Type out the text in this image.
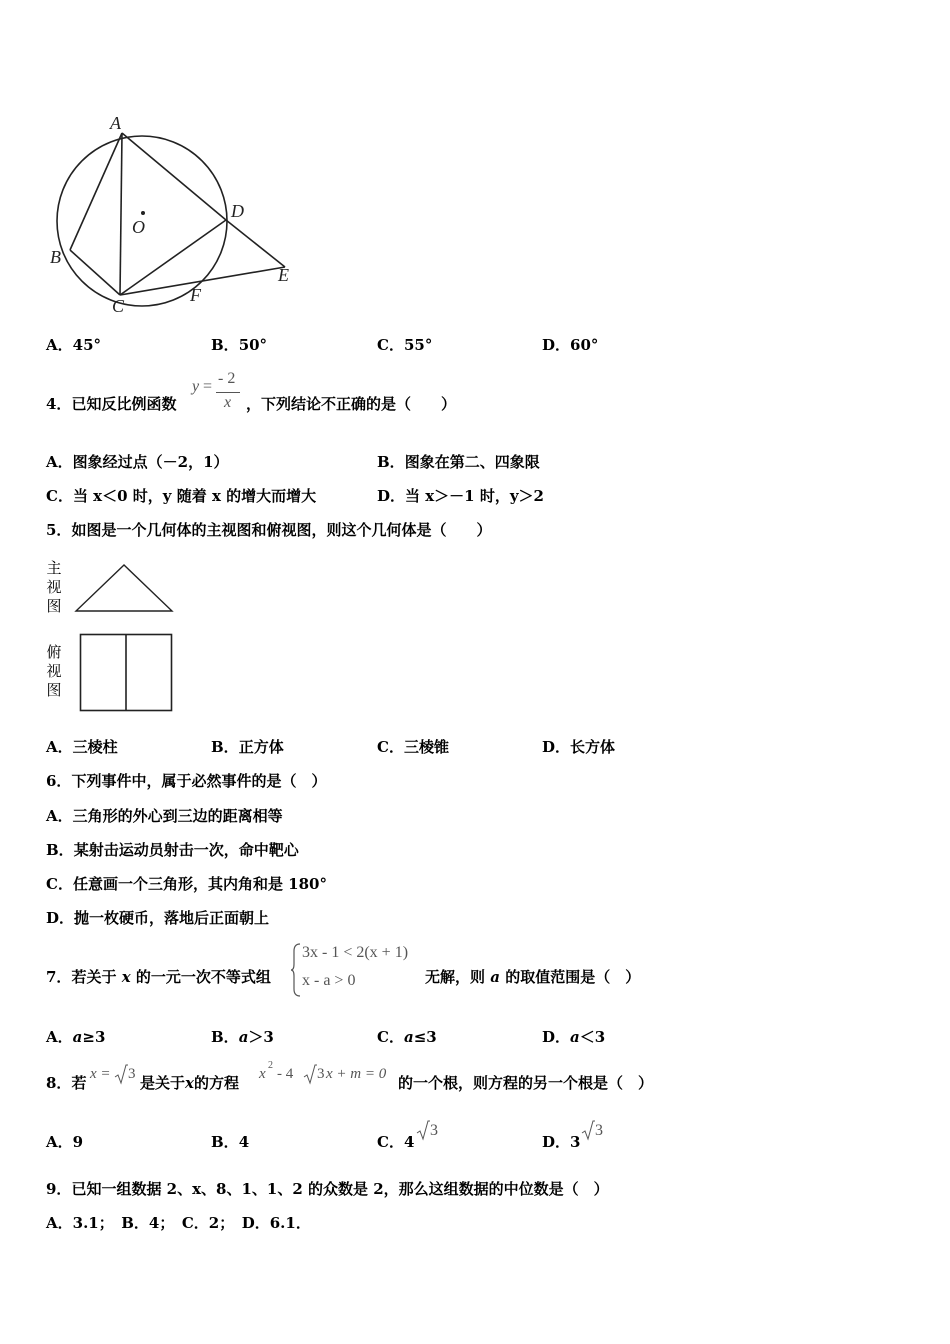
A
B
C
D
E
F
O
A．45°	B．50°	C．55°	D．60°
4．已知反比例函数
y = - 2
x ，下列结论不正确的是（　　）
A．图象经过点（－2，1）	B．图象在第二、四象限
C．当 x＜0 时，y 随着 x 的增大而增大	D．当 x＞－1 时，y＞2
5．如图是一个几何体的主视图和俯视图，则这个几何体是（　　）
主
视
图
俯
视
图
A．三棱柱	B．正方体	C．三棱锥	D．长方体
6．下列事件中，属于必然事件的是（　）
A．三角形的外心到三边的距离相等
B．某射击运动员射击一次，命中靶心
C．任意画一个三角形，其内角和是 180°
D．抛一枚硬币，落地后正面朝上
7．若关于 x 的一元一次不等式组
3x - 1 < 2(x + 1)
x - a > 0	无解，则 a 的取值范围是（　）
A．a≥3	B．a＞3	C．a≤3	D．a＜3
8．若 x = 3 是关于x的方程 x
2
- 4 3 x + m = 0 的一个根，则方程的另一个根是（　）
A．9	B．4	C．4
3
D．3
3
9．已知一组数据 2、x、8、1、1、2 的众数是 2，那么这组数据的中位数是（　）
A．3.1；　B．4；　C．2；　D．6.1．
